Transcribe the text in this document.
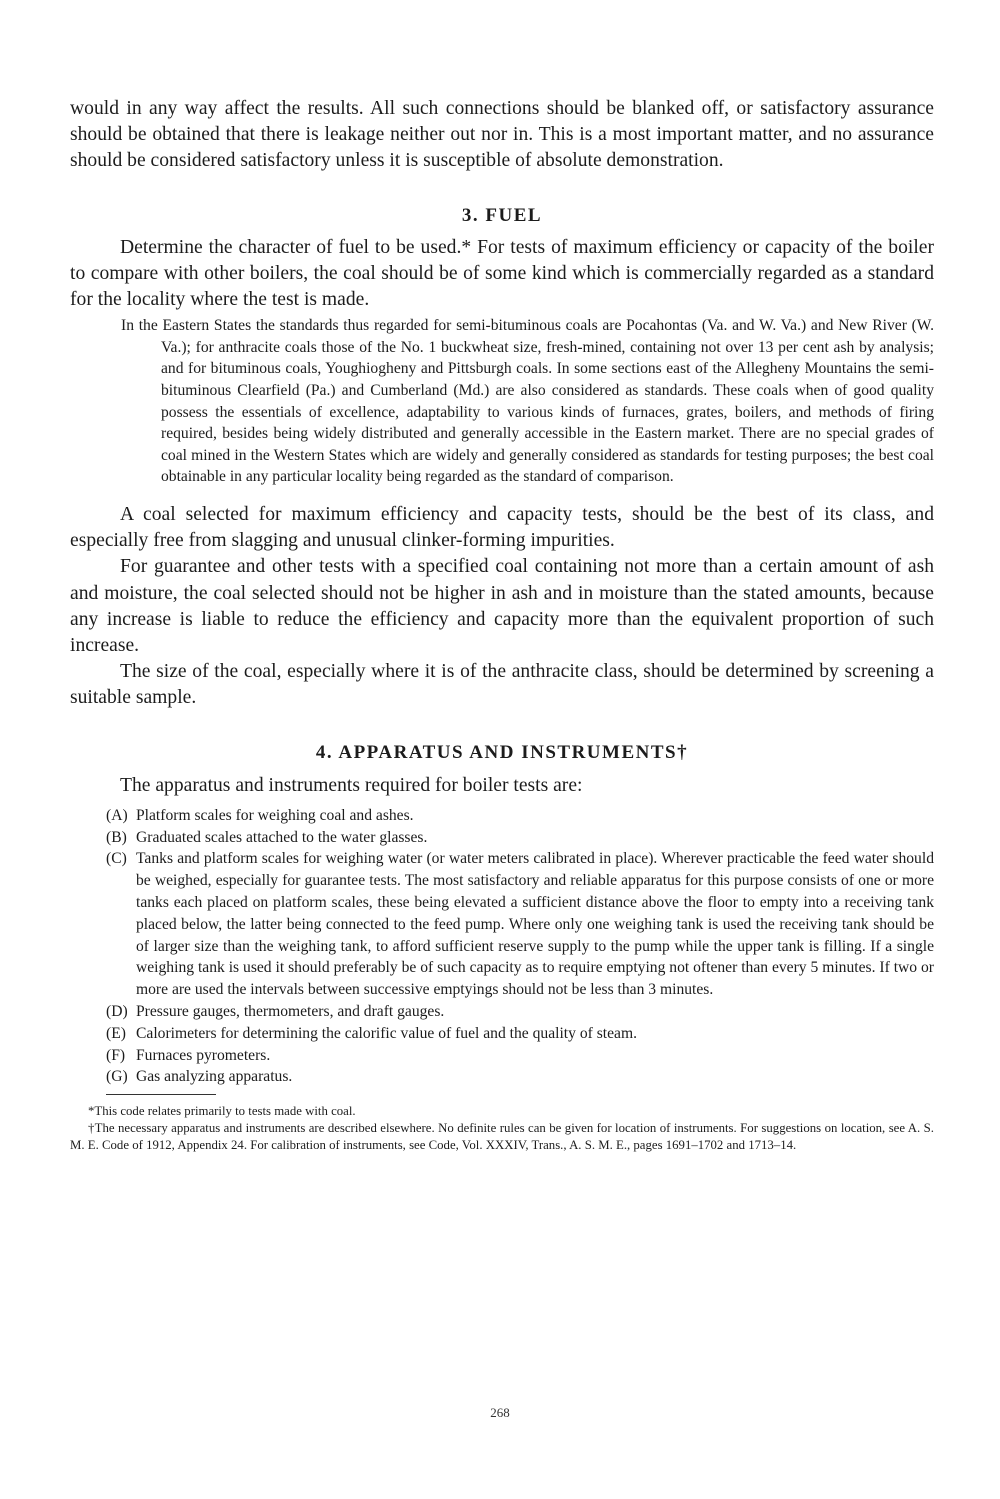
would in any way affect the results. All such connections should be blanked off, or satisfactory assurance should be obtained that there is leakage neither out nor in. This is a most important matter, and no assurance should be considered satisfactory unless it is susceptible of absolute demonstration.

3. FUEL

Determine the character of fuel to be used.* For tests of maximum efficiency or capacity of the boiler to compare with other boilers, the coal should be of some kind which is commercially regarded as a standard for the locality where the test is made.

In the Eastern States the standards thus regarded for semi-bituminous coals are Pocahontas (Va. and W. Va.) and New River (W. Va.); for anthracite coals those of the No. 1 buckwheat size, fresh-mined, containing not over 13 per cent ash by analysis; and for bituminous coals, Youghiogheny and Pittsburgh coals. In some sections east of the Allegheny Mountains the semi-bituminous Clearfield (Pa.) and Cumberland (Md.) are also considered as standards. These coals when of good quality possess the essentials of excellence, adaptability to various kinds of furnaces, grates, boilers, and methods of firing required, besides being widely distributed and generally accessible in the Eastern market. There are no special grades of coal mined in the Western States which are widely and generally considered as standards for testing purposes; the best coal obtainable in any particular locality being regarded as the standard of comparison.

A coal selected for maximum efficiency and capacity tests, should be the best of its class, and especially free from slagging and unusual clinker-forming impurities.

For guarantee and other tests with a specified coal containing not more than a certain amount of ash and moisture, the coal selected should not be higher in ash and in moisture than the stated amounts, because any increase is liable to reduce the efficiency and capacity more than the equivalent proportion of such increase.

The size of the coal, especially where it is of the anthracite class, should be determined by screening a suitable sample.

4. APPARATUS AND INSTRUMENTS†

The apparatus and instruments required for boiler tests are:

(A) Platform scales for weighing coal and ashes.
(B) Graduated scales attached to the water glasses.
(C) Tanks and platform scales for weighing water (or water meters calibrated in place). Wherever practicable the feed water should be weighed, especially for guarantee tests. The most satisfactory and reliable apparatus for this purpose consists of one or more tanks each placed on platform scales, these being elevated a sufficient distance above the floor to empty into a receiving tank placed below, the latter being connected to the feed pump. Where only one weighing tank is used the receiving tank should be of larger size than the weighing tank, to afford sufficient reserve supply to the pump while the upper tank is filling. If a single weighing tank is used it should preferably be of such capacity as to require emptying not oftener than every 5 minutes. If two or more are used the intervals between successive emptyings should not be less than 3 minutes.
(D) Pressure gauges, thermometers, and draft gauges.
(E) Calorimeters for determining the calorific value of fuel and the quality of steam.
(F) Furnaces pyrometers.
(G) Gas analyzing apparatus.

*This code relates primarily to tests made with coal.

†The necessary apparatus and instruments are described elsewhere. No definite rules can be given for location of instruments. For suggestions on location, see A. S. M. E. Code of 1912, Appendix 24. For calibration of instruments, see Code, Vol. XXXIV, Trans., A. S. M. E., pages 1691–1702 and 1713–14.

268
